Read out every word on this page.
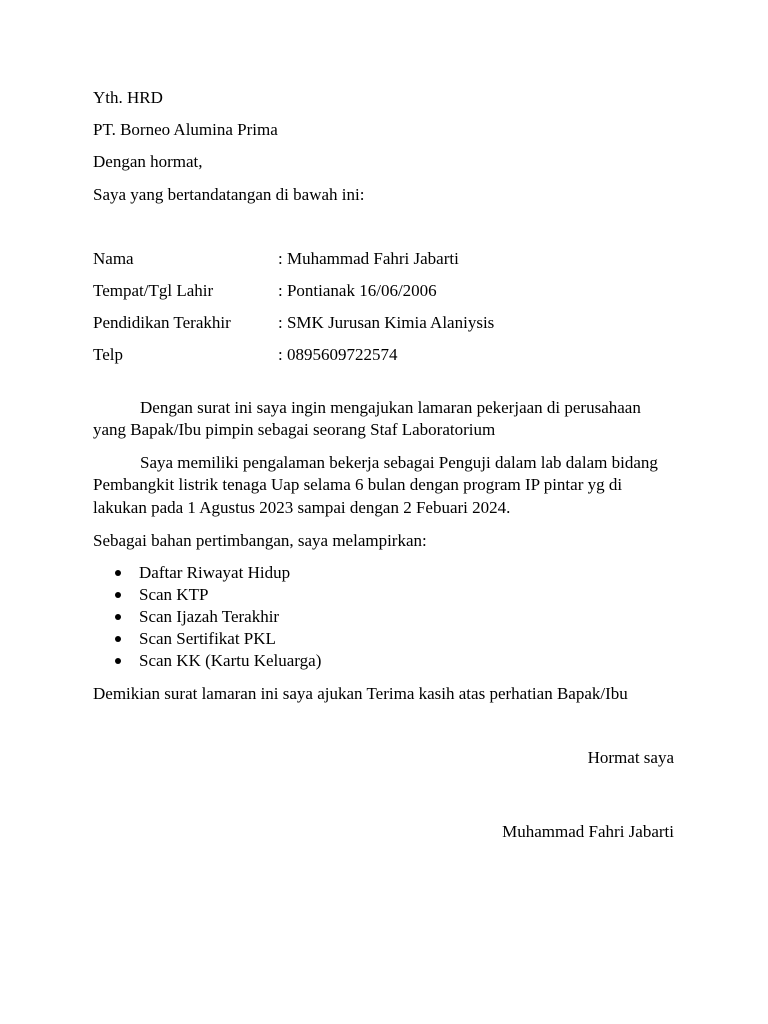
Yth. HRD
PT. Borneo Alumina Prima
Dengan hormat,
Saya yang bertandatangan di bawah ini:
Nama	: Muhammad Fahri Jabarti
Tempat/Tgl Lahir	: Pontianak 16/06/2006
Pendidikan Terakhir	: SMK Jurusan Kimia Alaniysis
Telp	: 0895609722574

Dengan surat ini saya ingin mengajukan lamaran pekerjaan di perusahaan yang Bapak/Ibu pimpin sebagai seorang Staf Laboratorium

Saya memiliki pengalaman bekerja sebagai Penguji dalam lab dalam bidang Pembangkit listrik tenaga Uap selama 6 bulan dengan program IP pintar yg di lakukan pada 1 Agustus 2023 sampai dengan 2 Febuari 2024.

Sebagai bahan pertimbangan, saya melampirkan:
Daftar Riwayat Hidup
Scan KTP
Scan Ijazah Terakhir
Scan Sertifikat PKL
Scan KK (Kartu Keluarga)
Demikian surat lamaran ini saya ajukan Terima kasih atas perhatian Bapak/Ibu
Hormat saya
Muhammad Fahri Jabarti
